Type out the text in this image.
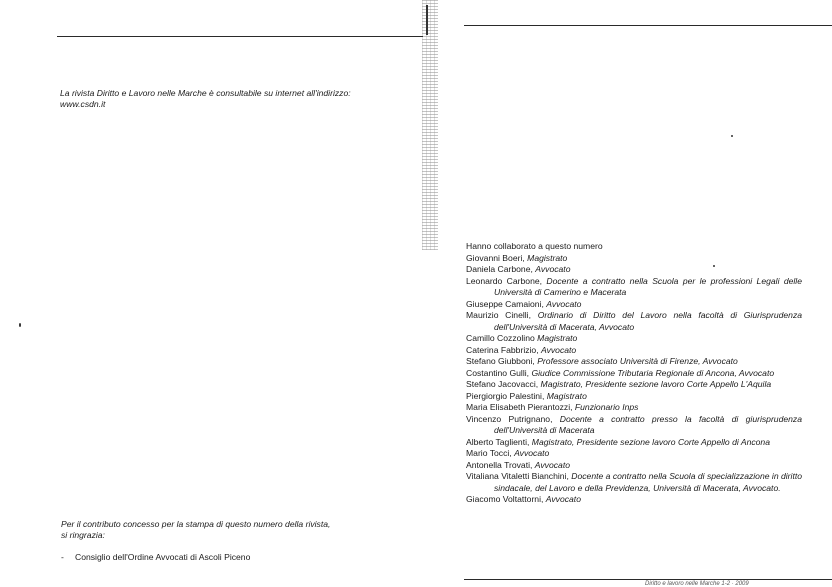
La rivista Diritto e Lavoro nelle Marche è consultabile su internet all'indirizzo:

www.csdn.it

Per il contributo concesso per la stampa di questo numero della rivista,

si ringrazia:

- Consiglio dell'Ordine Avvocati di Ascoli Piceno

Hanno collaborato a questo numero

Giovanni Boeri, Magistrato
Daniela Carbone, Avvocato
Leonardo Carbone, Docente a contratto nella Scuola per le professioni Legali delle Università di Camerino e Macerata
Giuseppe Camaioni, Avvocato
Maurizio Cinelli, Ordinario di Diritto del Lavoro nella facoltà di Giurisprudenza dell'Università di Macerata, Avvocato
Camillo Cozzolino Magistrato
Caterina Fabbrizio, Avvocato
Stefano Giubboni, Professore associato Università di Firenze, Avvocato
Costantino Gulli, Giudice Commissione Tributaria Regionale di Ancona, Avvocato
Stefano Jacovacci, Magistrato, Presidente sezione lavoro Corte Appello L'Aquila
Piergiorgio Palestini, Magistrato
Maria Elisabeth Pierantozzi, Funzionario Inps
Vincenzo Putrignano, Docente a contratto presso la facoltà di giurisprudenza dell'Università di Macerata
Alberto Taglienti, Magistrato, Presidente sezione lavoro Corte Appello di Ancona
Mario Tocci, Avvocato
Antonella Trovati, Avvocato
Vitaliana Vitaletti Bianchini, Docente a contratto nella Scuola di specializzazione in diritto sindacale, del Lavoro e della Previdenza, Università di Macerata, Avvocato.
Giacomo Voltattorni, Avvocato
Diritto e lavoro nelle Marche 1-2 · 2009
